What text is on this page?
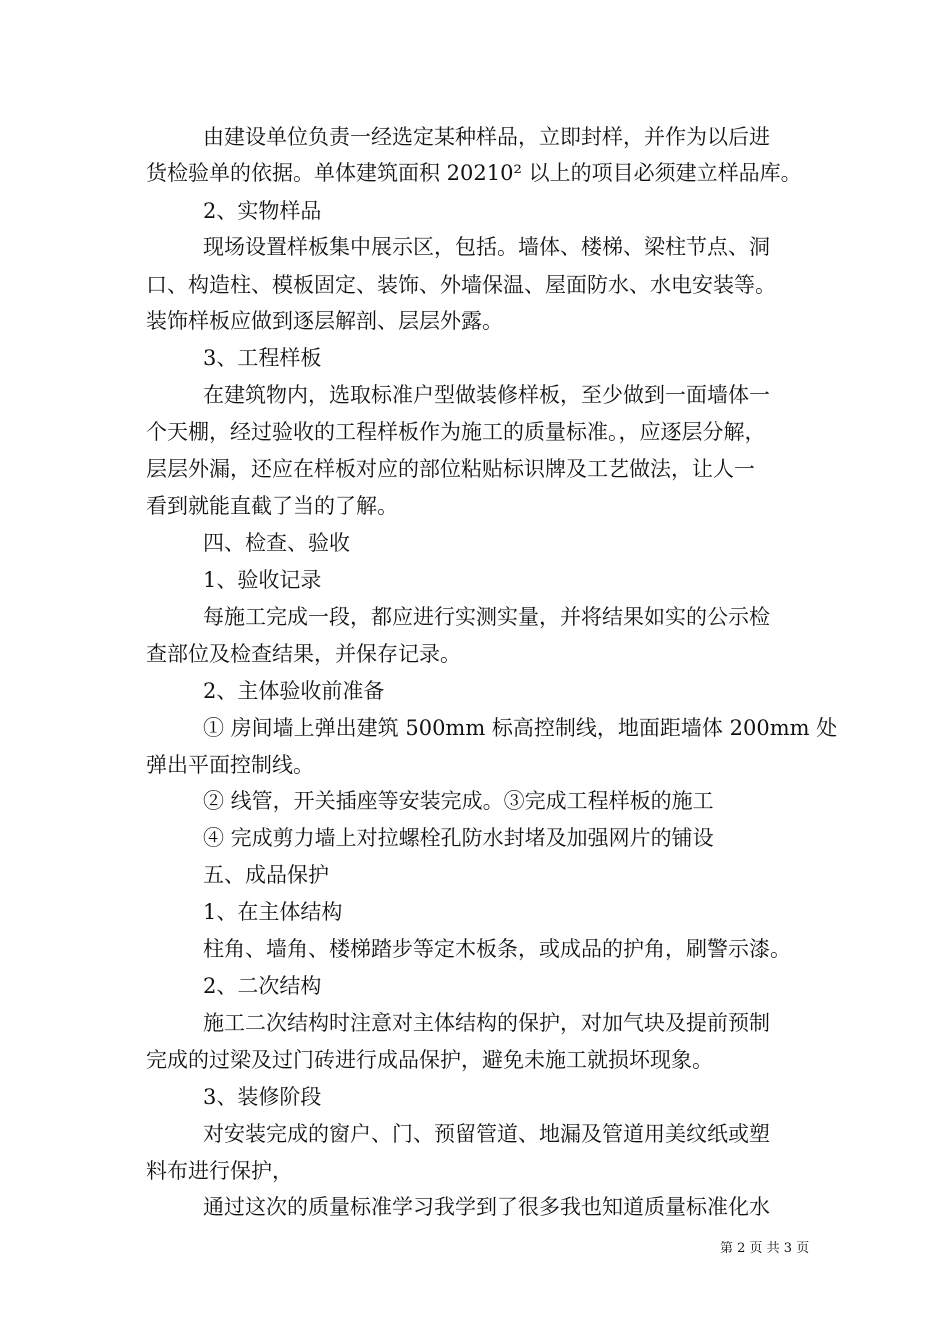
由建设单位负责一经选定某种样品，立即封样，并作为以后进
货检验单的依据。单体建筑面积 20210² 以上的项目必须建立样品库。
2、实物样品
现场设置样板集中展示区，包括。墙体、楼梯、梁柱节点、洞
口、构造柱、模板固定、装饰、外墙保温、屋面防水、水电安装等。
装饰样板应做到逐层解剖、层层外露。
3、工程样板
在建筑物内，选取标准户型做装修样板，至少做到一面墙体一
个天棚，经过验收的工程样板作为施工的质量标准。，应逐层分解，
层层外漏，还应在样板对应的部位粘贴标识牌及工艺做法，让人一
看到就能直截了当的了解。
四、检查、验收
1、验收记录
每施工完成一段，都应进行实测实量，并将结果如实的公示检
查部位及检查结果，并保存记录。
2、主体验收前准备
① 房间墙上弹出建筑 500mm 标高控制线，地面距墙体 200mm 处
弹出平面控制线。
② 线管，开关插座等安装完成。③完成工程样板的施工
④ 完成剪力墙上对拉螺栓孔防水封堵及加强网片的铺设
五、成品保护
1、在主体结构
柱角、墙角、楼梯踏步等定木板条，或成品的护角，刷警示漆。
2、二次结构
施工二次结构时注意对主体结构的保护，对加气块及提前预制
完成的过梁及过门砖进行成品保护，避免未施工就损坏现象。
3、装修阶段
对安装完成的窗户、门、预留管道、地漏及管道用美纹纸或塑
料布进行保护，
通过这次的质量标准学习我学到了很多我也知道质量标准化水
第 2 页 共 3 页
